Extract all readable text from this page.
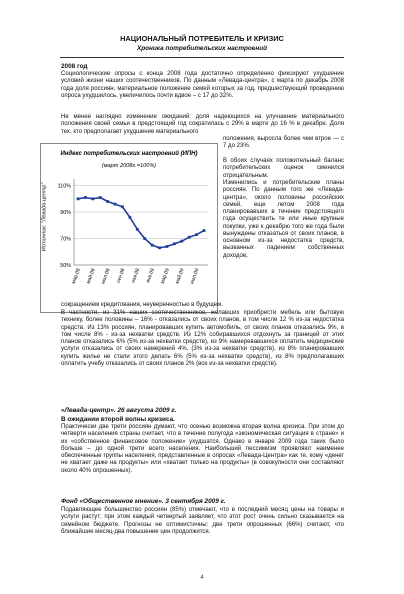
НАЦИОНАЛЬНЫЙ ПОТРЕБИТЕЛЬ И КРИЗИС
Хроника потребительских настроений
2008 год

Социологические опросы с конца 2008 года достаточно определенно фиксируют ухудшение условий жизни наших соотечественников. По данным «Левада-центра», с марта по декабрь 2008 года доля россиян, материальное положение семей которых за год, предшествующий проведению опроса ухудшилось, увеличилось почти вдвое – с 17 до 32%.

Не менее наглядно изменение ожиданий: доля надеющихся на улучшение материального положения своей семьи в предстоящий год сократилась с 29% в марте до 16 % в декабре. Доля тех, кто предполагает ухудшение материального

положения, выросла более чем втрое — с 7 до 23%.

В обоих случаях положительный баланс потребительских оценок сменился отрицательным.

Изменились и потребительские планы россиян. По данным того же «Левада-центра», около половины российских семей, еще летом 2008 года планировавших в течение предстоящего года осуществить те или иные крупные покупки, уже к декабрю того же года были вынуждены отказаться от своих планов, в основном из-за недостатка средств, вызванных падением собственных доходов,

Индекс потребительских настроений (ИПН)
(март 2008г.=100%)
110%
90%
70%
50%
мар.08 май.08 июл.08 сен.08 ноя.08 янв.09 мар.09 май.09 июл.09
Источник: "Левада-центр"

сокращением кредитования, неуверенностью в будущем.

В частности, из 31% наших соотечественников, желавших приобрести мебель или бытовую технику, более половины – 16% - отказались от своих планов, в том числе 12 % из-за недостатка средств. Из 13% россиян, планировавших купить автомобиль, от своих планов отказались 9%, в том числе 8% - из-за нехватки средств. Из 12% собиравшихся отдохнуть за границей от этих планов отказались 6% (5% из-за нехватки средств), из 9% намеревавшихся оплатить медицинские услуги отказались от своих намерений 4%. (3% из-за нехватки средств), из 8% планировавших купить жилье не стали этого делать 6% (5% из-за нехватки средств), из 8% предполагавших оплатить учебу отказались от своих планов 2% (все из-за нехватки средств).

«Левада-центр». 26 августа 2009 г.
В ожидании второй волны кризиса.

Практически две трети россиян думают, что осенью возможна вторая волна кризиса. При этом до четверти населения страны считает, что в течение полугода «экономическая ситуация в стране» и их «собственное финансовое положение» ухудшатся. Однако в январе 2009 года таких было больше – до одной трети всего населения. Наибольший пессимизм проявляют наименее обеспеченные группы населения, представленные в опросах «Левада-Центра» как те, кому «денег не хватает даже на продукты» или «хватает только на продукты» (в совокупности они составляют около 40% опрошенных).

Фонд «Общественное мнение». 3 сентября 2009 г.

Подавляющее большинство россиян (85%) отмечают, что в последний месяц цены на товары и услуги растут; при этом каждый четвертый заявляет, что этот рост очень сильно сказывается на семейном бюджете. Прогнозы не оптимистичны: две трети опрошенных (66%) считают, что ближайшие месяц-два повышение цен продолжится.

4
